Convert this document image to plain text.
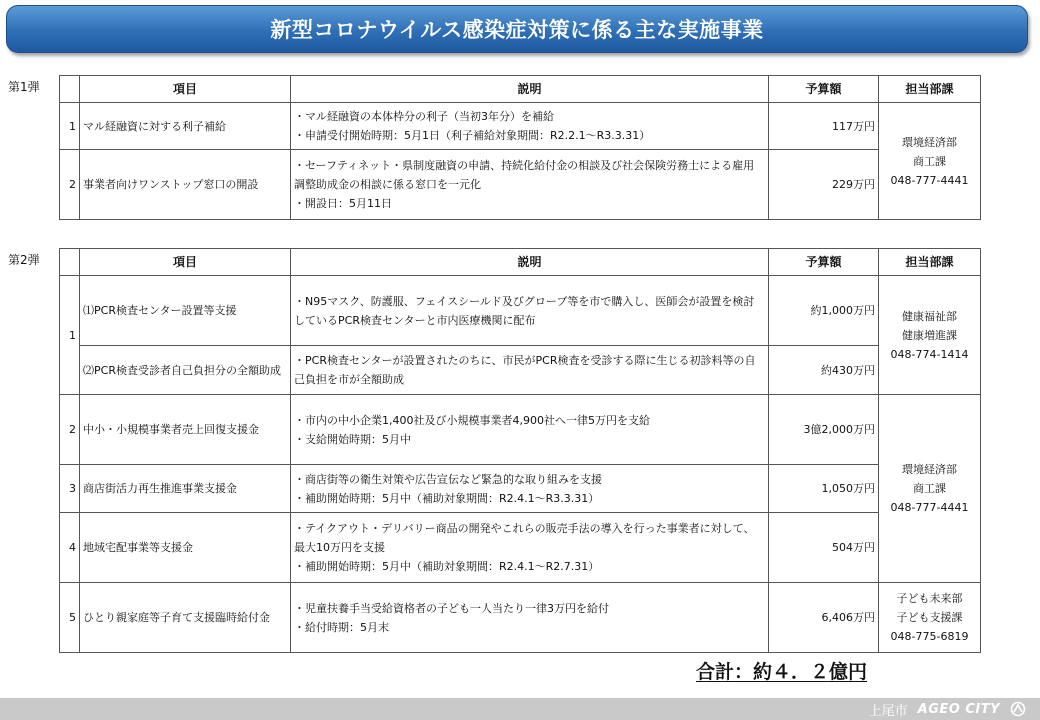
新型コロナウイルス感染症対策に係る主な実施事業
第1弾
		項目	説明	予算額	担当部課
1	マル経融資に対する利子補給	・マル経融資の本体枠分の利子（当初3年分）を補給
・申請受付開始時期：5月1日（利子補給対象期間：R2.2.1～R3.3.31）	117万円	環境経済部
商工課
048-777-4441

2	事業者向けワンストップ窓口の開設	・セーフティネット・県制度融資の申請、持続化給付金の相談及び社会保険労務士による雇用調整助成金の相談に係る窓口を一元化
・開設日：5月11日	229万円	
第2弾
		項目	説明	予算額	担当部課
1	⑴PCR検査センター設置等支援	・N95マスク、防護服、フェイスシールド及びグローブ等を市で購入し、医師会が設置を検討しているPCR検査センターと市内医療機関に配布	約1,000万円	健康福祉部
健康増進課
048-774-1414

	⑵PCR検査受診者自己負担分の全額助成	・PCR検査センターが設置されたのちに、市民がPCR検査を受診する際に生じる初診料等の自己負担を市が全額助成	約430万円	
2	中小・小規模事業者売上回復支援金	・市内の中小企業1,400社及び小規模事業者4,900社へ一律5万円を支給
・支給開始時期：5月中	3億2,000万円	環境経済部
商工課
048-777-4441

3	商店街活力再生推進事業支援金	・商店街等の衛生対策や広告宣伝など緊急的な取り組みを支援
・補助開始時期：5月中（補助対象期間：R2.4.1～R3.3.31）	1,050万円	
4	地域宅配事業等支援金	・テイクアウト・デリバリー商品の開発やこれらの販売手法の導入を行った事業者に対して、最大10万円を支援
・補助開始時期：5月中（補助対象期間：R2.4.1～R2.7.31）	504万円	
5	ひとり親家庭等子育て支援臨時給付金	・児童扶養手当受給資格者の子ども一人当たり一律3万円を給付
・給付時期：5月末	6,406万円	子ども未来部
子ども支援課
048-775-6819
合計：約４．２億円
上尾市 AGEO CITY
